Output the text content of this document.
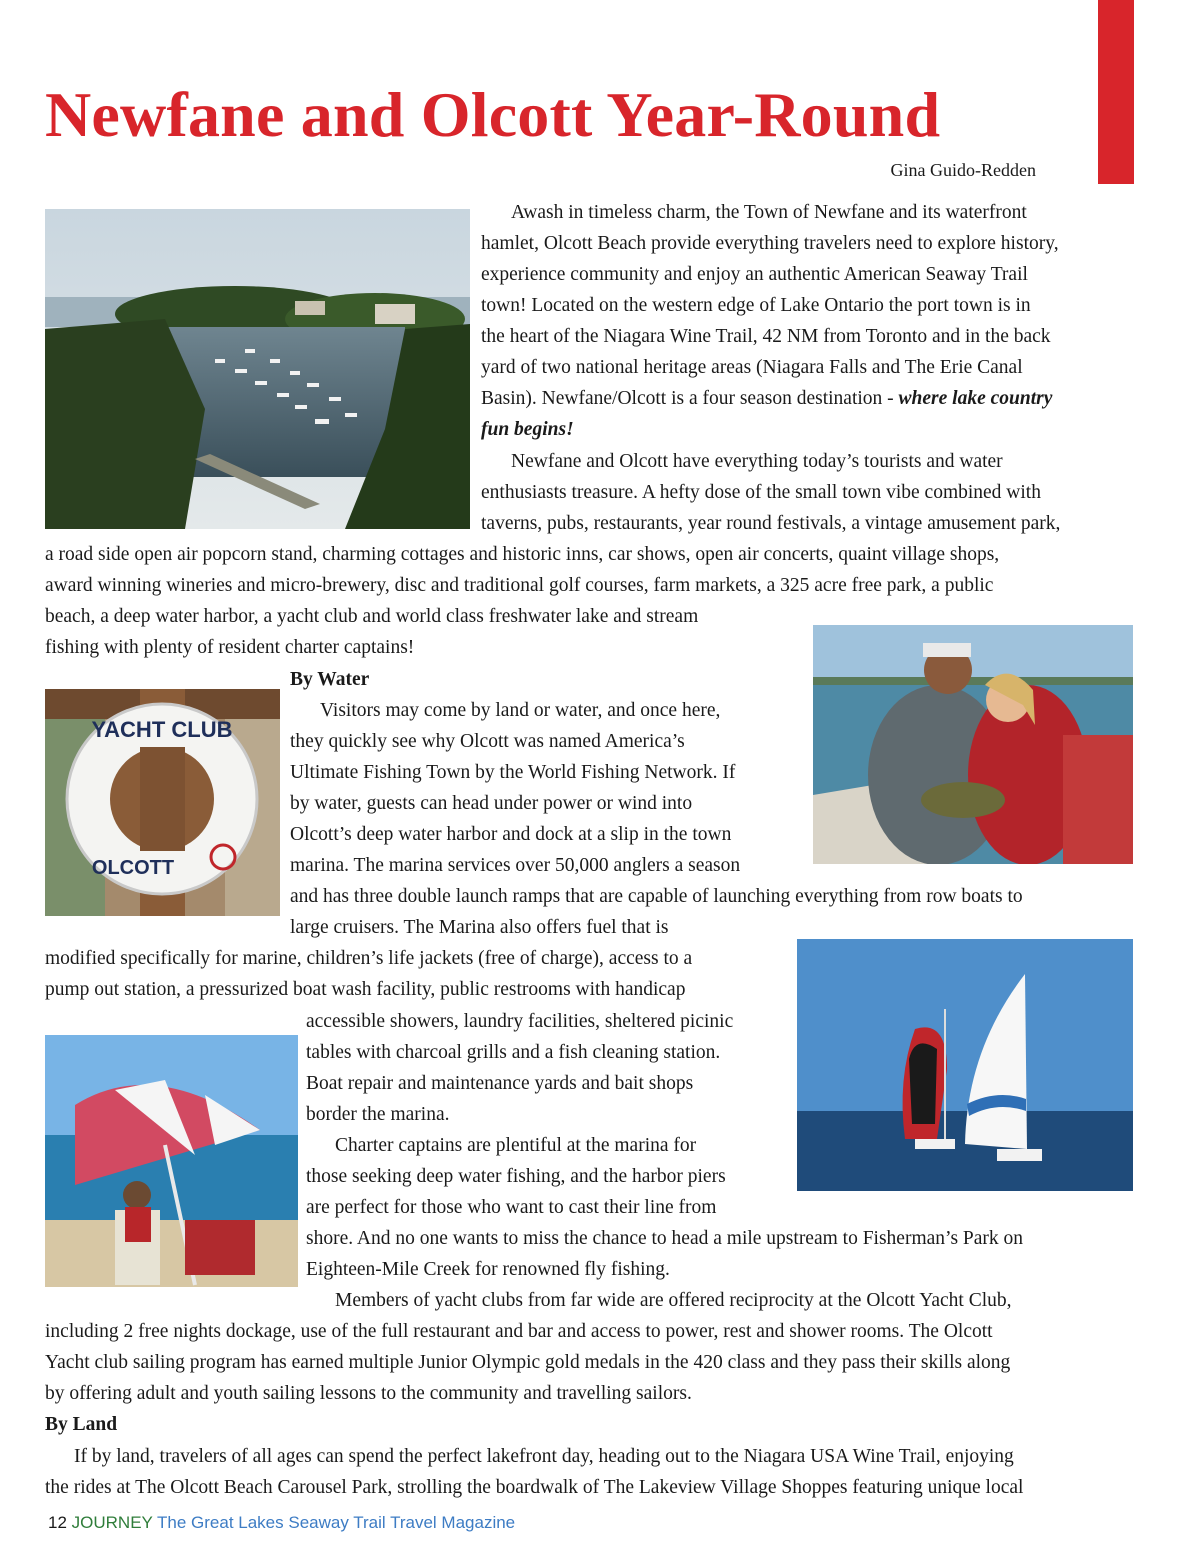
Newfane and Olcott Year-Round
Gina Guido-Redden
YACHT CLUB
OLCOTT
Awash in timeless charm, the Town of Newfane and its waterfront
hamlet, Olcott Beach provide everything travelers need to explore history,
experience community and enjoy an authentic American Seaway Trail
town! Located on the western edge of Lake Ontario the port town is in
the heart of the Niagara Wine Trail, 42 NM from Toronto and in the back
yard of two national heritage areas (Niagara Falls and The Erie Canal
Basin). Newfane/Olcott is a four season destination - where lake country
fun begins!
Newfane and Olcott have everything today’s tourists and water
enthusiasts treasure. A hefty dose of the small town vibe combined with
taverns, pubs, restaurants, year round festivals, a vintage amusement park,
a road side open air popcorn stand, charming cottages and historic inns, car shows, open air concerts, quaint village shops,
award winning wineries and micro-brewery, disc and traditional golf courses, farm markets, a 325 acre free park, a public
beach, a deep water harbor, a yacht club and world class freshwater lake and stream
fishing with plenty of resident charter captains!
By Water
Visitors may come by land or water, and once here,
they quickly see why Olcott was named America’s
Ultimate Fishing Town by the World Fishing Network. If
by water, guests can head under power or wind into
Olcott’s deep water harbor and dock at a slip in the town
marina. The marina services over 50,000 anglers a season
and has three double launch ramps that are capable of launching everything from row boats to
large cruisers. The Marina also offers fuel that is
modified specifically for marine, children’s life jackets (free of charge), access to a
pump out station, a pressurized boat wash facility, public restrooms with handicap
accessible showers, laundry facilities, sheltered picinic
tables with charcoal grills and a fish cleaning station.
Boat repair and maintenance yards and bait shops
border the marina.
Charter captains are plentiful at the marina for
those seeking deep water fishing, and the harbor piers
are perfect for those who want to cast their line from
shore. And no one wants to miss the chance to head a mile upstream to Fisherman’s Park on
Eighteen-Mile Creek for renowned fly fishing.
Members of yacht clubs from far wide are offered reciprocity at the Olcott Yacht Club,
including 2 free nights dockage, use of the full restaurant and bar and access to power, rest and shower rooms. The Olcott
Yacht club sailing program has earned multiple Junior Olympic gold medals in the 420 class and they pass their skills along
by offering adult and youth sailing lessons to the community and travelling sailors.
By Land
If by land, travelers of all ages can spend the perfect lakefront day, heading out to the Niagara USA Wine Trail, enjoying
the rides at The Olcott Beach Carousel Park, strolling the boardwalk of The Lakeview Village Shoppes featuring unique local
12 JOURNEY The Great Lakes Seaway Trail Travel Magazine
